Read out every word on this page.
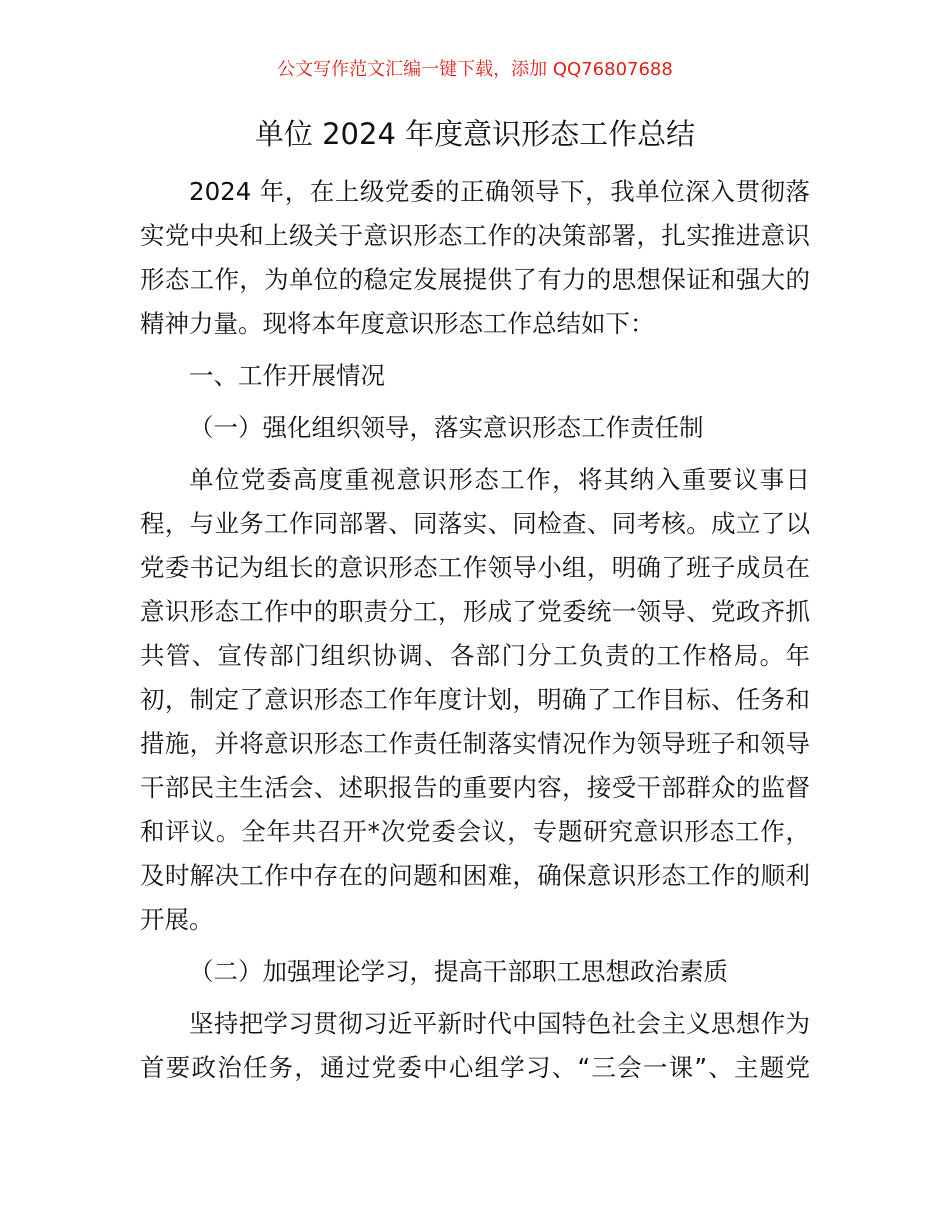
公文写作范文汇编一键下载，添加 QQ76807688
单位 2024 年度意识形态工作总结
2024 年，在上级党委的正确领导下，我单位深入贯彻落
实党中央和上级关于意识形态工作的决策部署，扎实推进意识
形态工作，为单位的稳定发展提供了有力的思想保证和强大的
精神力量。现将本年度意识形态工作总结如下：
一、工作开展情况
（一）强化组织领导，落实意识形态工作责任制
单位党委高度重视意识形态工作，将其纳入重要议事日
程，与业务工作同部署、同落实、同检查、同考核。成立了以
党委书记为组长的意识形态工作领导小组，明确了班子成员在
意识形态工作中的职责分工，形成了党委统一领导、党政齐抓
共管、宣传部门组织协调、各部门分工负责的工作格局。年
初，制定了意识形态工作年度计划，明确了工作目标、任务和
措施，并将意识形态工作责任制落实情况作为领导班子和领导
干部民主生活会、述职报告的重要内容，接受干部群众的监督
和评议。全年共召开*次党委会议，专题研究意识形态工作，
及时解决工作中存在的问题和困难，确保意识形态工作的顺利
开展。
（二）加强理论学习，提高干部职工思想政治素质
坚持把学习贯彻习近平新时代中国特色社会主义思想作为
首要政治任务，通过党委中心组学习、“三会一课”、主题党
